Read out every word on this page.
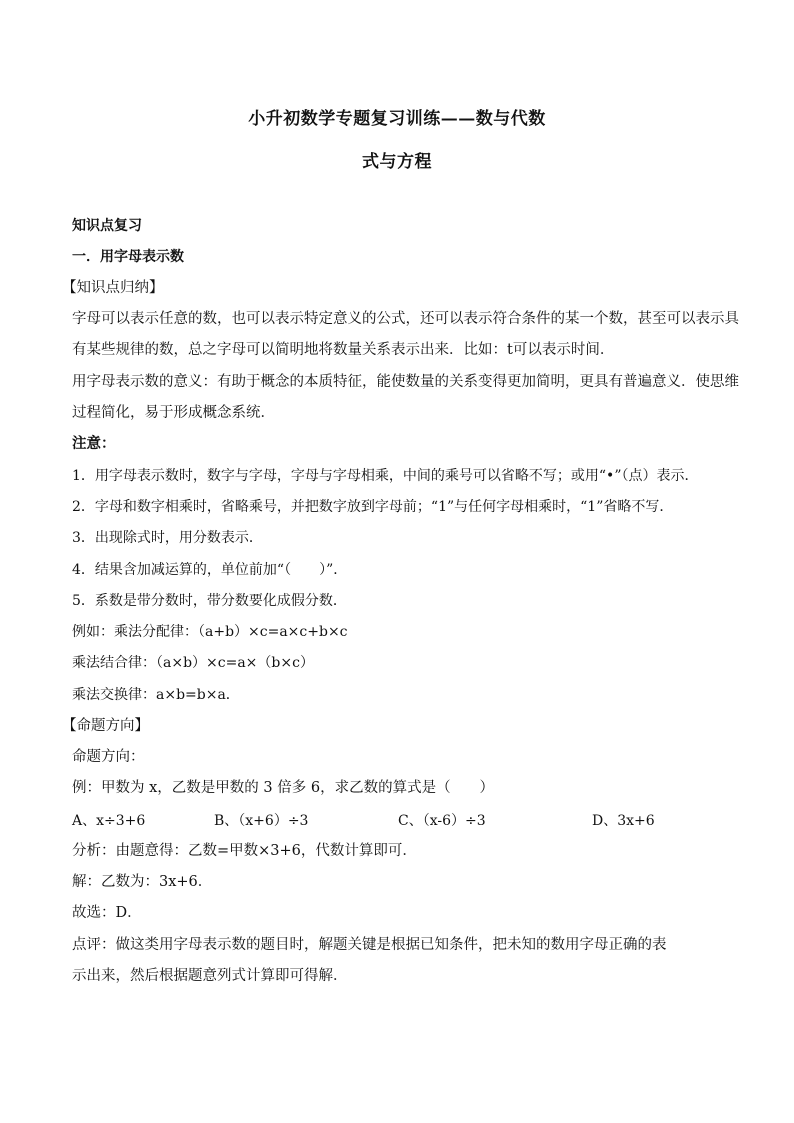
小升初数学专题复习训练——数与代数
式与方程
知识点复习
一．用字母表示数
【知识点归纳】
字母可以表示任意的数，也可以表示特定意义的公式，还可以表示符合条件的某一个数，甚至可以表示具
有某些规律的数，总之字母可以简明地将数量关系表示出来．比如：t可以表示时间．
用字母表示数的意义：有助于概念的本质特征，能使数量的关系变得更加简明，更具有普遍意义．使思维
过程简化，易于形成概念系统．
注意：
1．用字母表示数时，数字与字母，字母与字母相乘，中间的乘号可以省略不写；或用“•”（点）表示．
2．字母和数字相乘时，省略乘号，并把数字放到字母前；“1”与任何字母相乘时，“1”省略不写．
3．出现除式时，用分数表示．
4．结果含加减运算的，单位前加“（　　）”．
5．系数是带分数时，带分数要化成假分数．
例如：乘法分配律：（a+b）×c=a×c+b×c
乘法结合律：（a×b）×c=a×（b×c）
乘法交换律：a×b=b×a．
【命题方向】
命题方向：
例：甲数为 x，乙数是甲数的 3 倍多 6，求乙数的算式是（　　）
A、x÷3+6	B、（x+6）÷3	C、（x-6）÷3	D、3x+6
分析：由题意得：乙数=甲数×3+6，代数计算即可．
解：乙数为：3x+6．
故选：D．
点评：做这类用字母表示数的题目时，解题关键是根据已知条件，把未知的数用字母正确的表
示出来，然后根据题意列式计算即可得解．
